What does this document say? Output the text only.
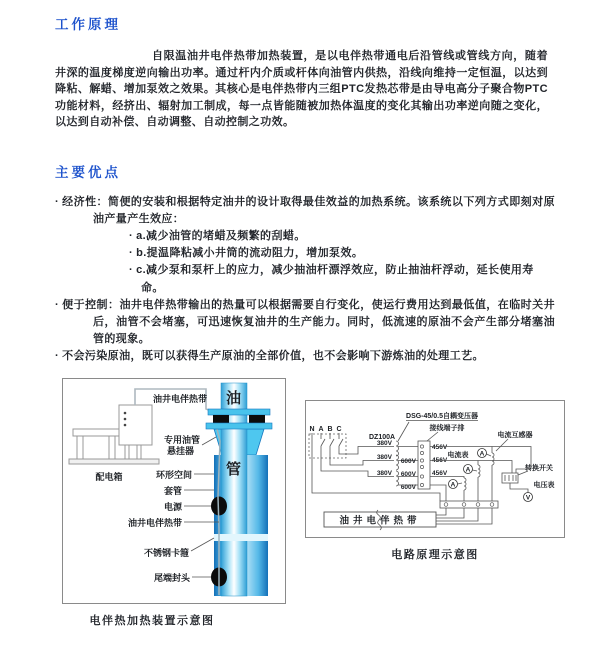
工作原理
自限温油井电伴热带加热装置，是以电伴热带通电后沿管线或管线方向，随着井深的温度梯度逆向输出功率。通过杆内介质或杆体向油管内供热，沿线向维持一定恒温，以达到降粘、解蜡、增加泵效之效果。其核心是电伴热带内三组PTC发热芯带是由导电高分子聚合物PTC功能材料，经挤出、辐射加工制成，每一点皆能随被加热体温度的变化其输出功率逆向随之变化，以达到自动补偿、自动调整、自动控制之功效。
主要优点
· 经济性：简便的安装和根据特定油井的设计取得最佳效益的加热系统。该系统以下列方式即刻对原油产量产生效应：
· a.减少油管的堵蜡及频繁的刮蜡。
· b.提温降粘减小井筒的流动阻力，增加泵效。
· c.减少泵和泵杆上的应力，减少抽油杆漂浮效应，防止抽油杆浮动，延长使用寿命。
· 便于控制：油井电伴热带输出的热量可以根据需要自行变化，使运行费用达到最低值，在临时关井后，油管不会堵塞，可迅速恢复油井的生产能力。同时，低流速的原油不会产生部分堵塞油管的现象。
· 不会污染原油，既可以获得生产原油的全部价值，也不会影响下游炼油的处理工艺。
油
管
油井电伴热带
配电箱
专用油管
悬挂器
环形空间
套管
电源
油井电伴热带
不锈钢卡箍
尾端封头
电伴热加热装置示意图
N A B C
DZ100A
380V
380V
380V
DSG-45/0.5自耦变压器
接线端子排
600V
600V
600V
456V
456V
456V
A
A
A
电流表
电流互感器
转换开关
V
电压表
油井电伴热带
电路原理示意图
